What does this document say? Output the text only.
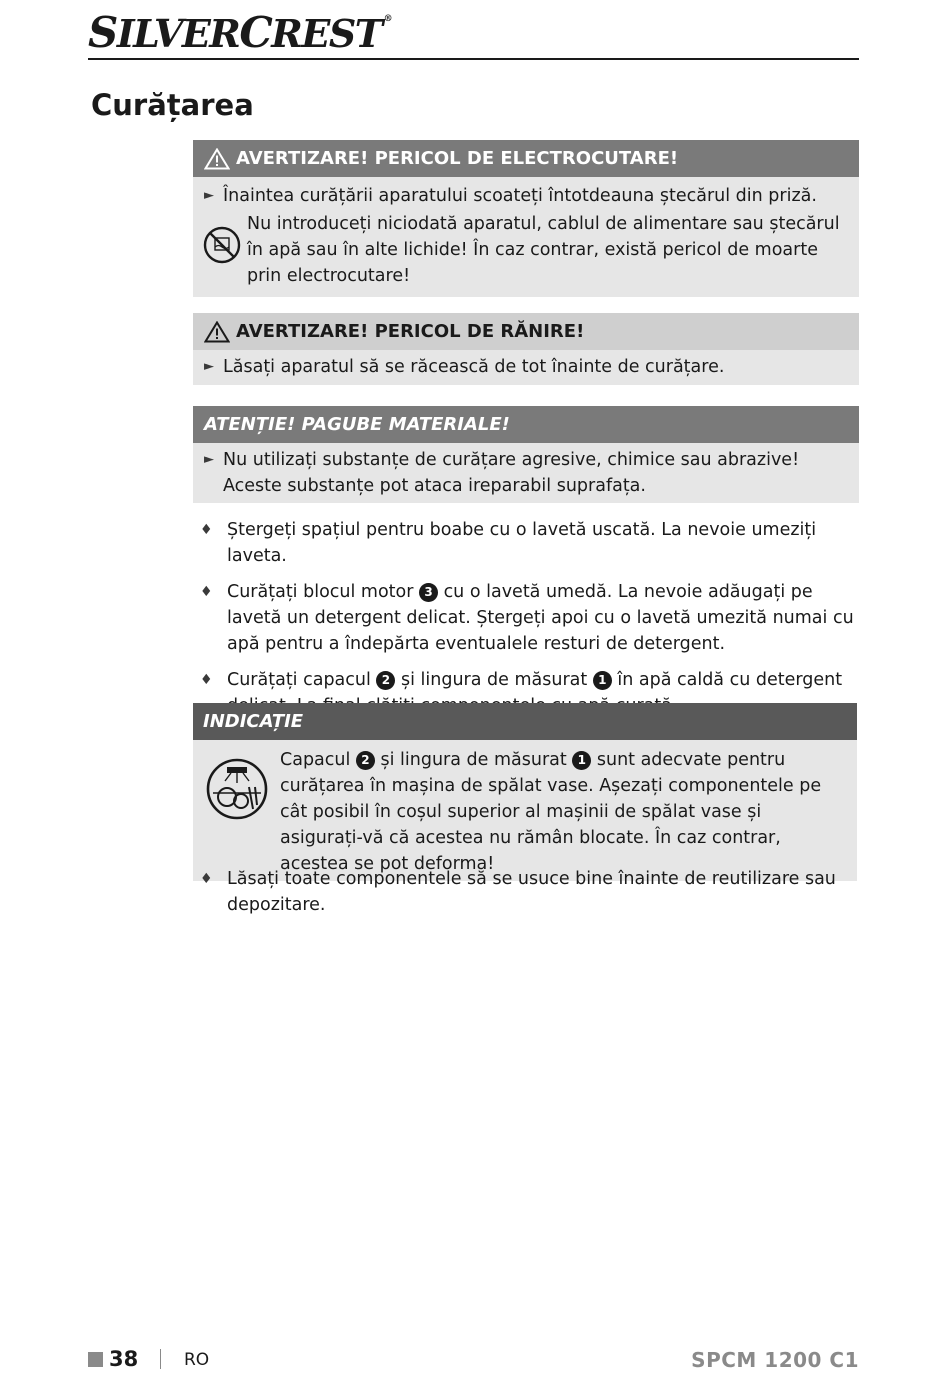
SILVERCREST ®
Curățarea
AVERTIZARE! PERICOL DE ELECTROCUTARE!
► Înaintea curățării aparatului scoateți întotdeauna ștecărul din priză.
Nu introduceți niciodată aparatul, cablul de alimentare sau ștecărul în apă sau în alte lichide! În caz contrar, există pericol de moarte prin electrocutare!
AVERTIZARE! PERICOL DE RĂNIRE!
► Lăsați aparatul să se răcească de tot înainte de curățare.
ATENȚIE! PAGUBE MATERIALE!
► Nu utilizați substanțe de curățare agresive, chimice sau abrazive! Aceste substanțe pot ataca ireparabil suprafața.
♦ Ștergeți spațiul pentru boabe cu o lavetă uscată. La nevoie umeziți laveta.
♦ Curățați blocul motor 3 cu o lavetă umedă. La nevoie adăugați pe lavetă un detergent delicat. Ștergeți apoi cu o lavetă umezită numai cu apă pentru a îndepărta eventualele resturi de detergent.
♦ Curățați capacul 2 și lingura de măsurat 1 în apă caldă cu detergent
INDICAȚIE
Capacul 2 și lingura de măsurat 1 sunt adecvate pentru curățarea în mașina de spălat vase. Așezați componentele pe cât posibil în coșul superior al mașinii de spălat vase și asigurați-vă că acestea nu rămân blocate. În caz contrar, acestea se pot deforma!
♦ Lăsați toate componentele să se usuce bine înainte de reutilizare sau depozitare.
38	RO	SPCM 1200 C1
